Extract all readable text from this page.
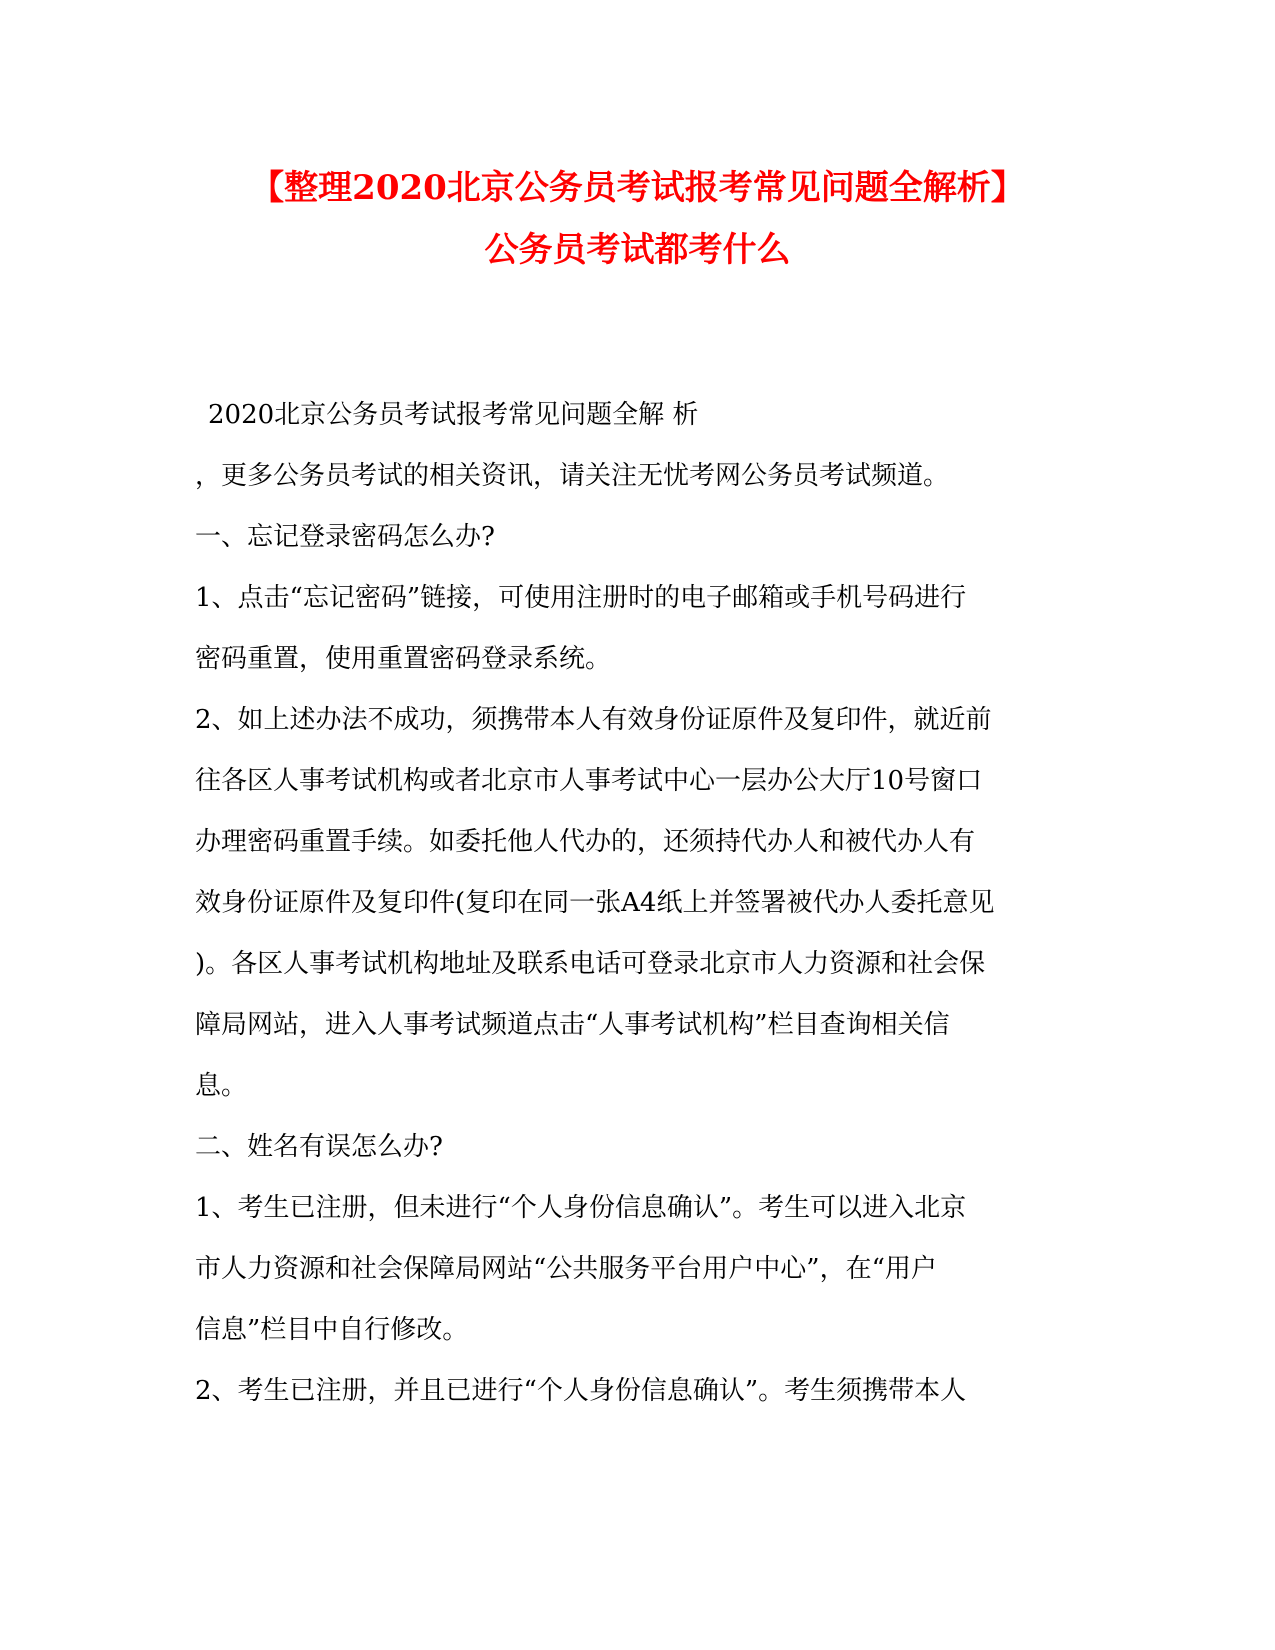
【整理2020北京公务员考试报考常见问题全解析】
公务员考试都考什么
2020北京公务员考试报考常见问题全解 析
，更多公务员考试的相关资讯，请关注无忧考网公务员考试频道。
一、忘记登录密码怎么办?
1、点击“忘记密码”链接，可使用注册时的电子邮箱或手机号码进行
密码重置，使用重置密码登录系统。
2、如上述办法不成功，须携带本人有效身份证原件及复印件，就近前
往各区人事考试机构或者北京市人事考试中心一层办公大厅10号窗口
办理密码重置手续。如委托他人代办的，还须持代办人和被代办人有
效身份证原件及复印件(复印在同一张A4纸上并签署被代办人委托意见
)。各区人事考试机构地址及联系电话可登录北京市人力资源和社会保
障局网站，进入人事考试频道点击“人事考试机构”栏目查询相关信
息。
二、姓名有误怎么办?
1、考生已注册，但未进行“个人身份信息确认”。考生可以进入北京
市人力资源和社会保障局网站“公共服务平台用户中心”，在“用户
信息”栏目中自行修改。
2、考生已注册，并且已进行“个人身份信息确认”。考生须携带本人
